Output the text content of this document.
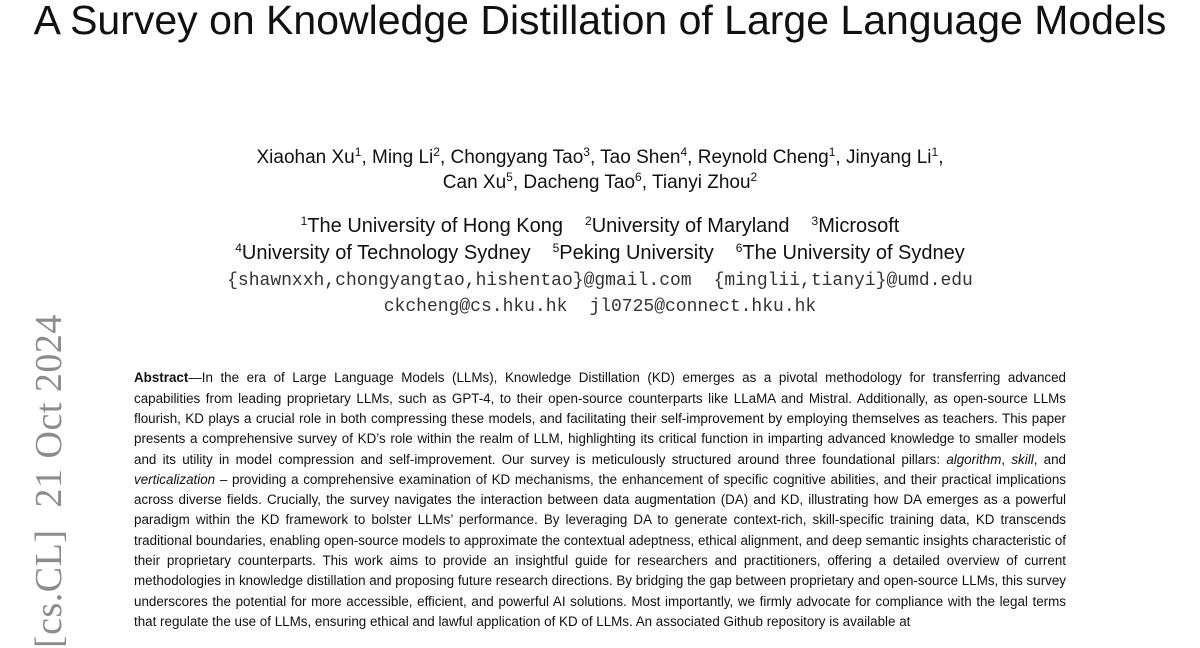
A Survey on Knowledge Distillation of Large Language Models
Xiaohan Xu$^1$, Ming Li$^2$, Chongyang Tao$^3$, Tao Shen$^4$, Reynold Cheng$^1$, Jinyang Li$^1$,
Can Xu$^5$, Dacheng Tao$^6$, Tianyi Zhou$^2$
$^1$The University of Hong Kong $^2$University of Maryland $^3$Microsoft
$^4$University of Technology Sydney $^5$Peking University $^6$The University of Sydney
{shawnxxh,chongyangtao,hishentao}@gmail.com {minglii,tianyi}@umd.edu
ckcheng@cs.hku.hk jl0725@connect.hku.hk
[cs.CL]21 Oct 2024	Abstract—In the era of Large Language Models (LLMs), Knowledge Distillation (KD) emerges as a pivotal methodology for transferring advanced capabilities from leading proprietary LLMs, such as GPT-4, to their open-source counterparts like LLaMA and Mistral. Additionally, as open-source LLMs flourish, KD plays a crucial role in both compressing these models, and facilitating their self-improvement by employing themselves as teachers. This paper presents a comprehensive survey of KD’s role within the realm of LLM, highlighting its critical function in imparting advanced knowledge to smaller models and its utility in model compression and self-improvement. Our survey is meticulously structured around three foundational pillars: algorithm, skill, and verticalization – providing a comprehensive examination of KD mechanisms, the enhancement of specific cognitive abilities, and their practical implications across diverse fields. Crucially, the survey navigates the interaction between data augmentation (DA) and KD, illustrating how DA emerges as a powerful paradigm within the KD framework to bolster LLMs’ performance. By leveraging DA to generate context-rich, skill-specific training data, KD transcends traditional boundaries, enabling open-source models to approximate the contextual adeptness, ethical alignment, and deep semantic insights characteristic of their proprietary counterparts. This work aims to provide an insightful guide for researchers and practitioners, offering a detailed overview of current methodologies in knowledge distillation and proposing future research directions. By bridging the gap between proprietary and open-source LLMs, this survey underscores the potential for more accessible, efficient, and powerful AI solutions. Most importantly, we firmly advocate for compliance with the legal terms that regulate the use of LLMs, ensuring ethical and lawful application of KD of LLMs. An associated Github repository is available at
